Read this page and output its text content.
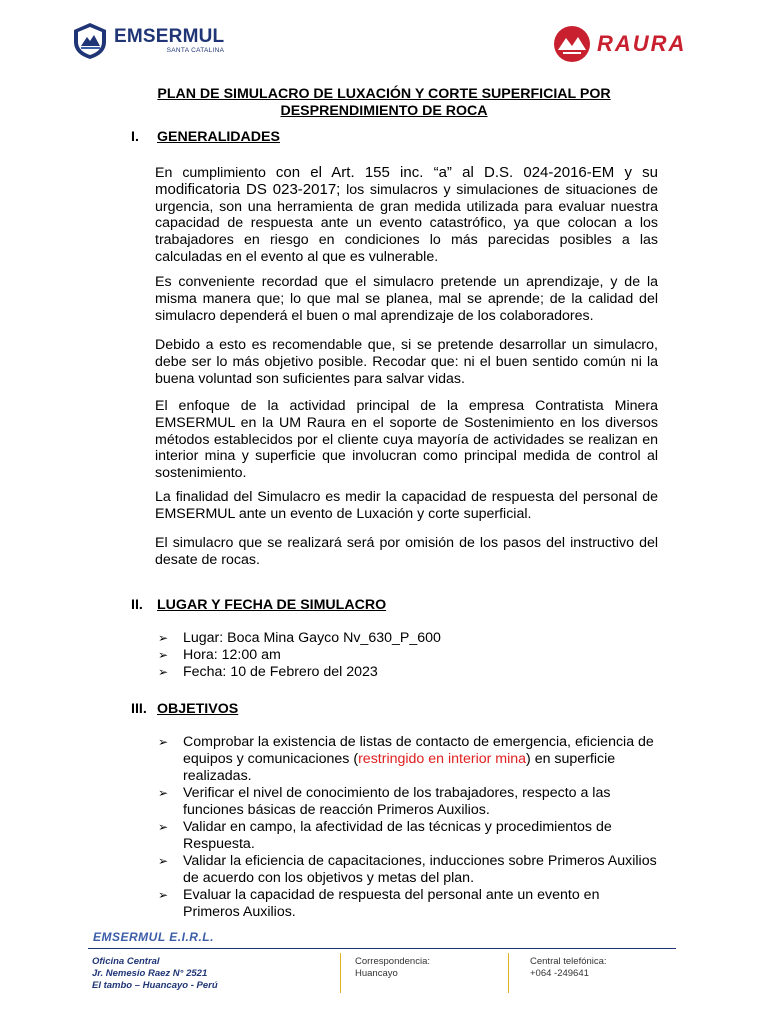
EMSERMUL
SANTA CATALINA	RAURA
PLAN DE SIMULACRO DE LUXACIÓN Y CORTE SUPERFICIAL POR
DESPRENDIMIENTO DE ROCA
I. GENERALIDADES
En cumplimiento con el Art. 155 inc. “a” al D.S. 024-2016-EM y su modificatoria DS 023-2017; los simulacros y simulaciones de situaciones de urgencia, son una herramienta de gran medida utilizada para evaluar nuestra capacidad de respuesta ante un evento catastrófico, ya que colocan a los trabajadores en riesgo en condiciones lo más parecidas posibles a las calculadas en el evento al que es vulnerable.
Es conveniente recordad que el simulacro pretende un aprendizaje, y de la misma manera que; lo que mal se planea, mal se aprende; de la calidad del simulacro dependerá el buen o mal aprendizaje de los colaboradores.
Debido a esto es recomendable que, si se pretende desarrollar un simulacro, debe ser lo más objetivo posible. Recodar que: ni el buen sentido común ni la buena voluntad son suficientes para salvar vidas.
El enfoque de la actividad principal de la empresa Contratista Minera EMSERMUL en la UM Raura en el soporte de Sostenimiento en los diversos métodos establecidos por el cliente cuya mayoría de actividades se realizan en interior mina y superficie que involucran como principal medida de control al sostenimiento.
La finalidad del Simulacro es medir la capacidad de respuesta del personal de EMSERMUL ante un evento de Luxación y corte superficial.
El simulacro que se realizará será por omisión de los pasos del instructivo del desate de rocas.
II. LUGAR Y FECHA DE SIMULACRO
➢ Lugar: Boca Mina Gayco Nv_630_P_600
➢ Hora: 12:00 am
➢ Fecha: 10 de Febrero del 2023
III. OBJETIVOS
➢ Comprobar la existencia de listas de contacto de emergencia, eficiencia de equipos y comunicaciones (restringido en interior mina) en superficie realizadas.
➢ Verificar el nivel de conocimiento de los trabajadores, respecto a las funciones básicas de reacción Primeros Auxilios.
➢ Validar en campo, la afectividad de las técnicas y procedimientos de Respuesta.
➢ Validar la eficiencia de capacitaciones, inducciones sobre Primeros Auxilios de acuerdo con los objetivos y metas del plan.
➢ Evaluar la capacidad de respuesta del personal ante un evento en Primeros Auxilios.
EMSERMUL E.I.R.L.
Oficina Central
Jr. Nemesio Raez N° 2521
El tambo – Huancayo - Perú
Correspondencia:
Huancayo
Central telefónica:
+064 -249641
